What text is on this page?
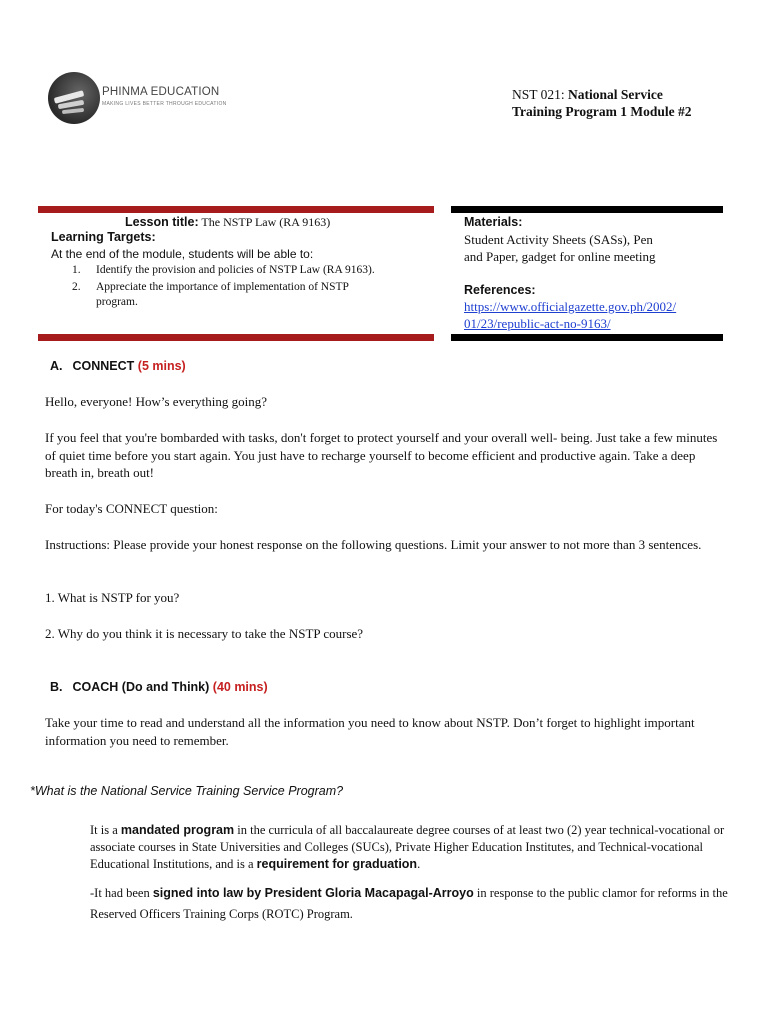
PHINMA EDUCATION
MAKING LIVES BETTER THROUGH EDUCATION
NST 021: National Service
Training Program 1 Module #2
Lesson title: The NSTP Law (RA 9163)
Learning Targets:
At the end of the module, students will be able to:
1. Identify the provision and policies of NSTP Law (RA 9163).
2. Appreciate the importance of implementation of NSTP program.
Materials:
Student Activity Sheets (SASs), Pen
and Paper, gadget for online meeting
References:
https://www.officialgazette.gov.ph/2002/
01/23/republic-act-no-9163/
A. CONNECT (5 mins)
Hello, everyone! How’s everything going?
If you feel that you're bombarded with tasks, don't forget to protect yourself and your overall well- being. Just take a few minutes of quiet time before you start again. You just have to recharge yourself to become efficient and productive again. Take a deep breath in, breath out!
For today's CONNECT question:
Instructions: Please provide your honest response on the following questions. Limit your answer to not more than 3 sentences.
1. What is NSTP for you?
2. Why do you think it is necessary to take the NSTP course?
B. COACH (Do and Think) (40 mins)
Take your time to read and understand all the information you need to know about NSTP. Don’t forget to highlight important information you need to remember.
*What is the National Service Training Service Program?
It is a mandated program in the curricula of all baccalaureate degree courses of at least two (2) year technical-vocational or associate courses in State Universities and Colleges (SUCs), Private Higher Education Institutes, and Technical-vocational Educational Institutions, and is a requirement for graduation.
-It had been signed into law by President Gloria Macapagal-Arroyo in response to the public clamor for reforms in the Reserved Officers Training Corps (ROTC) Program.
